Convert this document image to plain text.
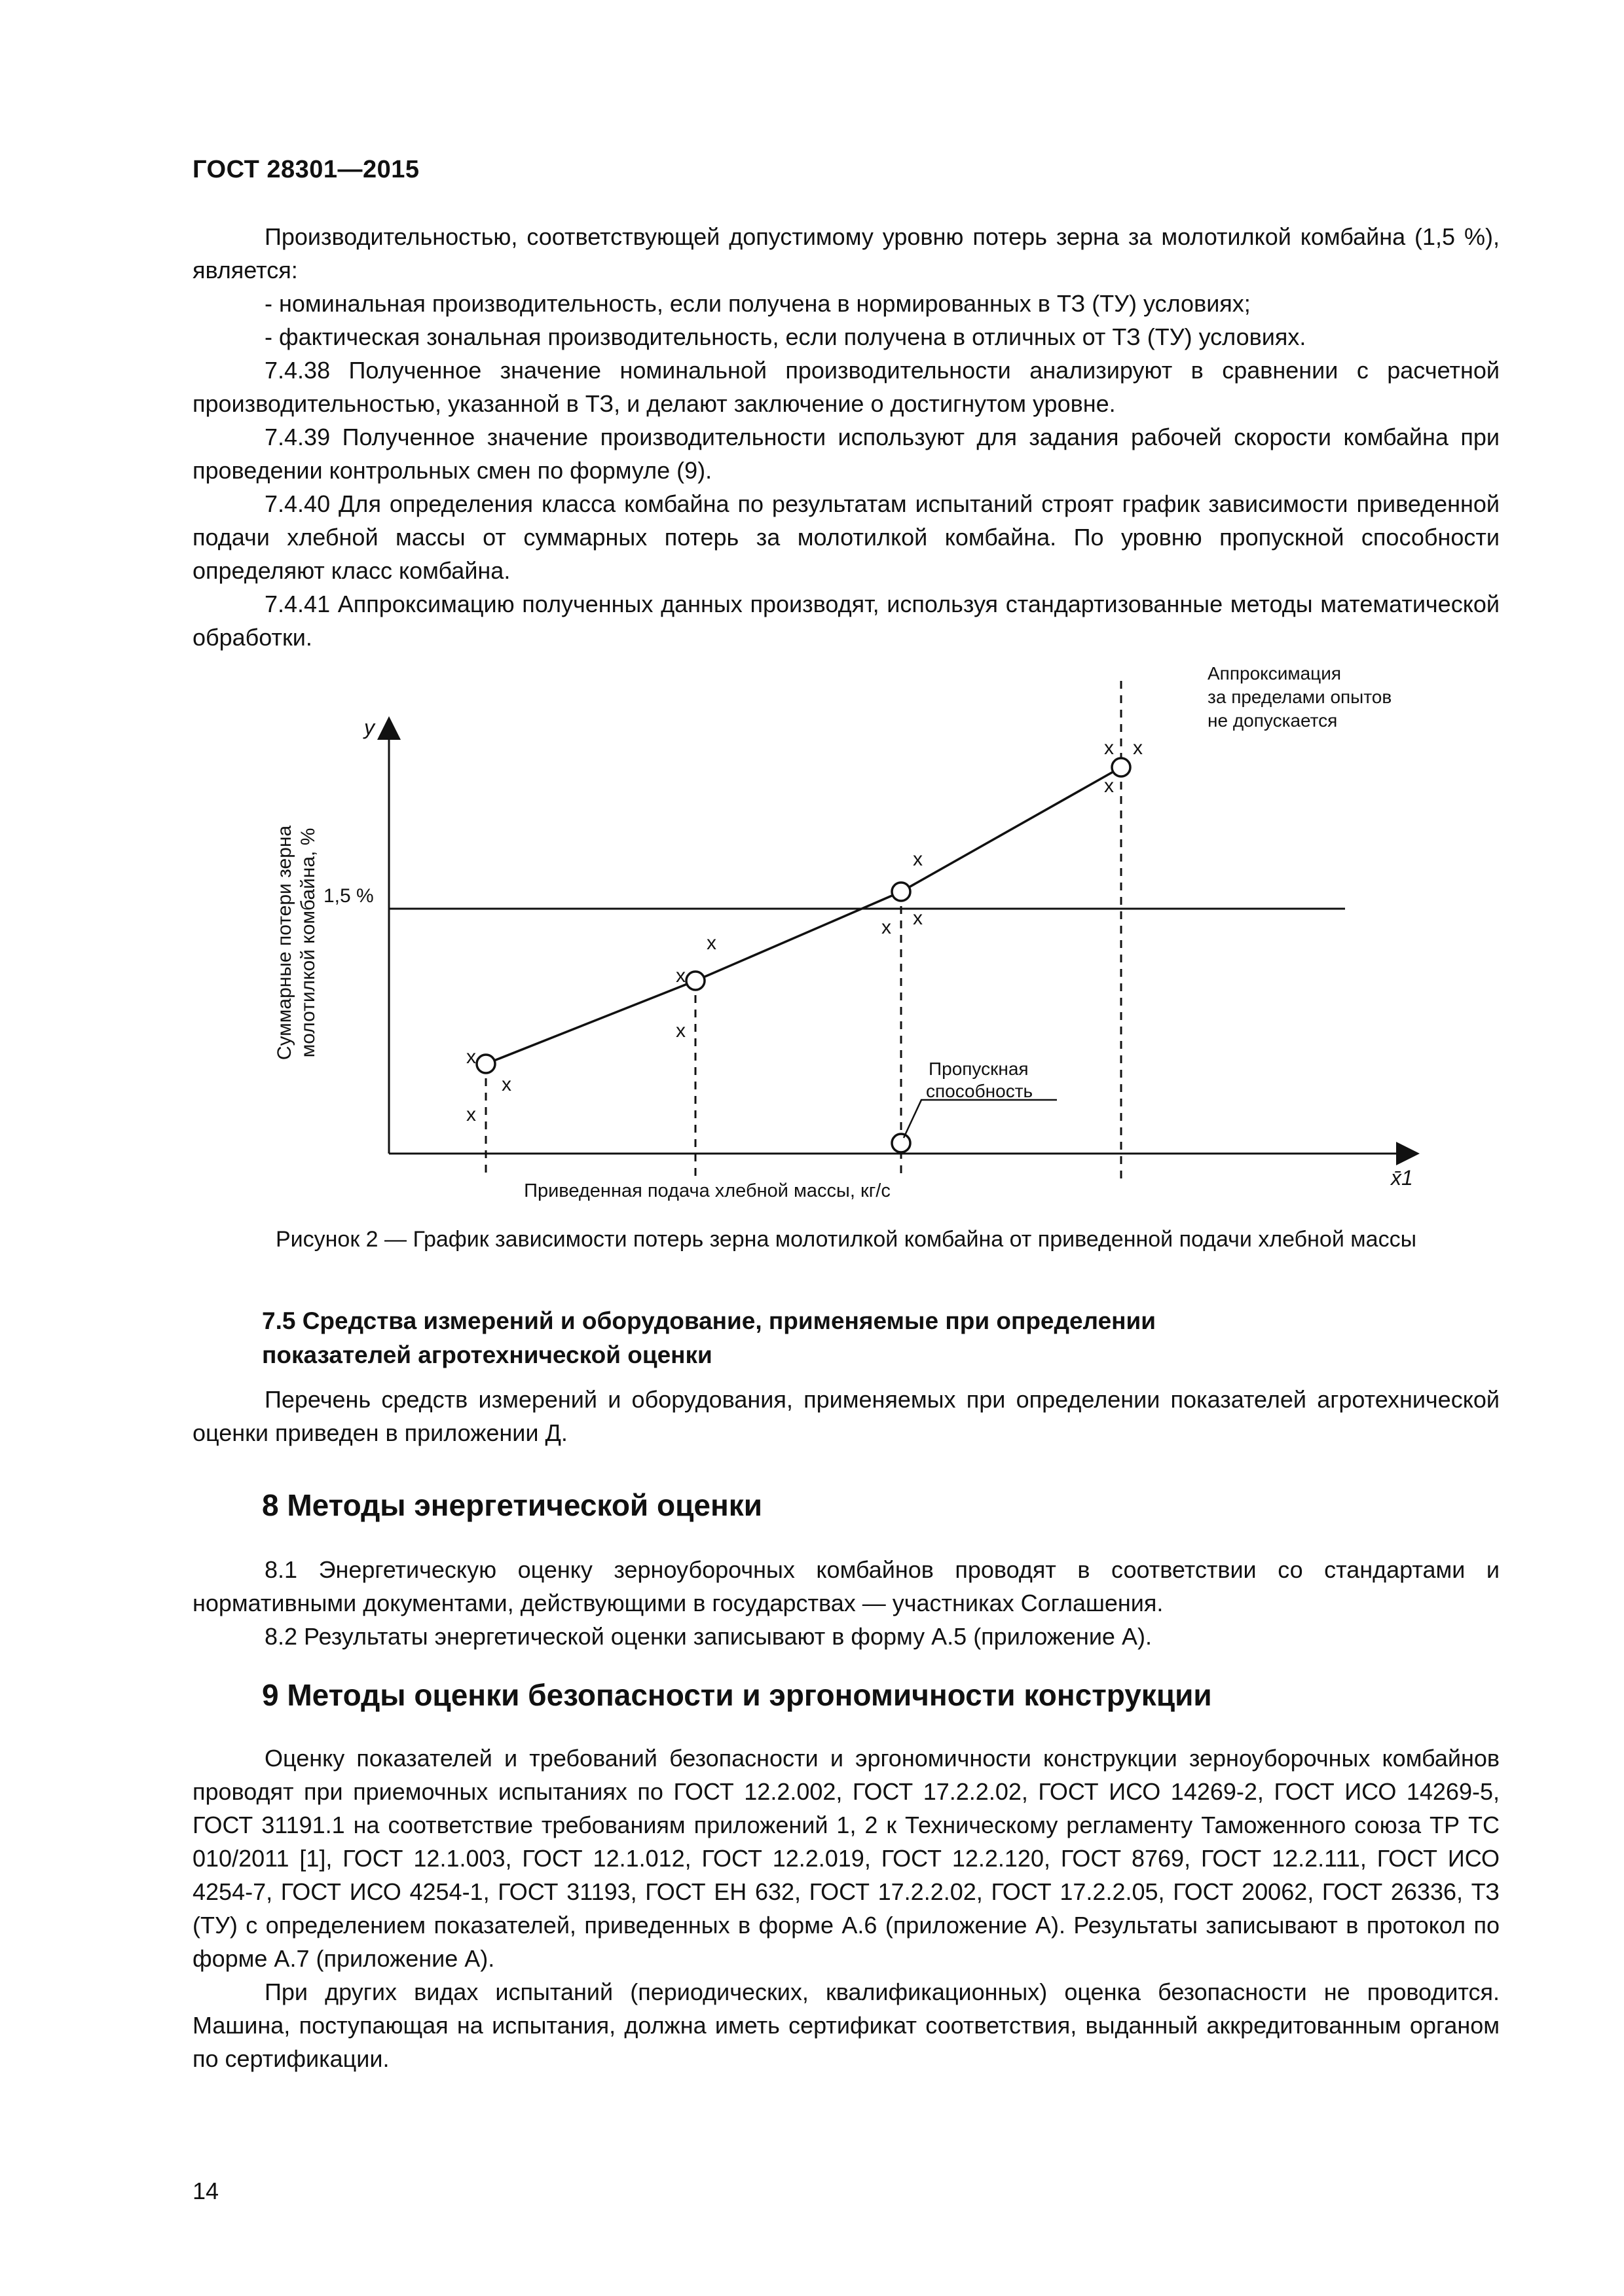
ГОСТ 28301—2015

Производительностью, соответствующей допустимому уровню потерь зерна за молотилкой комбайна (1,5 %), является:

- номинальная производительность, если получена в нормированных в ТЗ (ТУ) условиях;

- фактическая зональная производительность, если получена в отличных от ТЗ (ТУ) условиях.

7.4.38 Полученное значение номинальной производительности анализируют в сравнении с расчетной производительностью, указанной в ТЗ, и делают заключение о достигнутом уровне.

7.4.39 Полученное значение производительности используют для задания рабочей скорости комбайна при проведении контрольных смен по формуле (9).

7.4.40 Для определения класса комбайна по результатам испытаний строят график зависимости приведенной подачи хлебной массы от суммарных потерь за молотилкой комбайна. По уровню пропускной способности определяют класс комбайна.

7.4.41 Аппроксимацию полученных данных производят, используя стандартизованные методы математической обработки.

x
x
x
x
x
x
x
x
x
x x
x
y
x̄1
1,5 %
Суммарные потери зерна молотилкой комбайна, %
Приведенная подача хлебной массы, кг/с
Аппроксимация
за пределами опытов
не допускается
Пропускная
способность
Рисунок 2 — График зависимости потерь зерна молотилкой комбайна от приведенной подачи хлебной массы
7.5 Средства измерений и оборудование, применяемые при определении
показателей агротехнической оценки

Перечень средств измерений и оборудования, применяемых при определении показателей агротехнической оценки приведен в приложении Д.

8 Методы энергетической оценки

8.1 Энергетическую оценку зерноуборочных комбайнов проводят в соответствии со стандартами и нормативными документами, действующими в государствах — участниках Соглашения.

8.2 Результаты энергетической оценки записывают в форму А.5 (приложение А).

9 Методы оценки безопасности и эргономичности конструкции

Оценку показателей и требований безопасности и эргономичности конструкции зерноуборочных комбайнов проводят при приемочных испытаниях по ГОСТ 12.2.002, ГОСТ 17.2.2.02, ГОСТ ИСО 14269-2, ГОСТ ИСО 14269-5, ГОСТ 31191.1 на соответствие требованиям приложений 1, 2 к Техническому регламенту Таможенного союза ТР ТС 010/2011 [1], ГОСТ 12.1.003, ГОСТ 12.1.012, ГОСТ 12.2.019, ГОСТ 12.2.120, ГОСТ 8769, ГОСТ 12.2.111, ГОСТ ИСО 4254-7, ГОСТ ИСО 4254-1, ГОСТ 31193, ГОСТ ЕН 632, ГОСТ 17.2.2.02, ГОСТ 17.2.2.05, ГОСТ 20062, ГОСТ 26336, ТЗ (ТУ) с определением показателей, приведенных в форме А.6 (приложение А). Результаты записывают в протокол по форме А.7 (приложение А).

При других видах испытаний (периодических, квалификационных) оценка безопасности не проводится. Машина, поступающая на испытания, должна иметь сертификат соответствия, выданный аккредитованным органом по сертификации.

14
